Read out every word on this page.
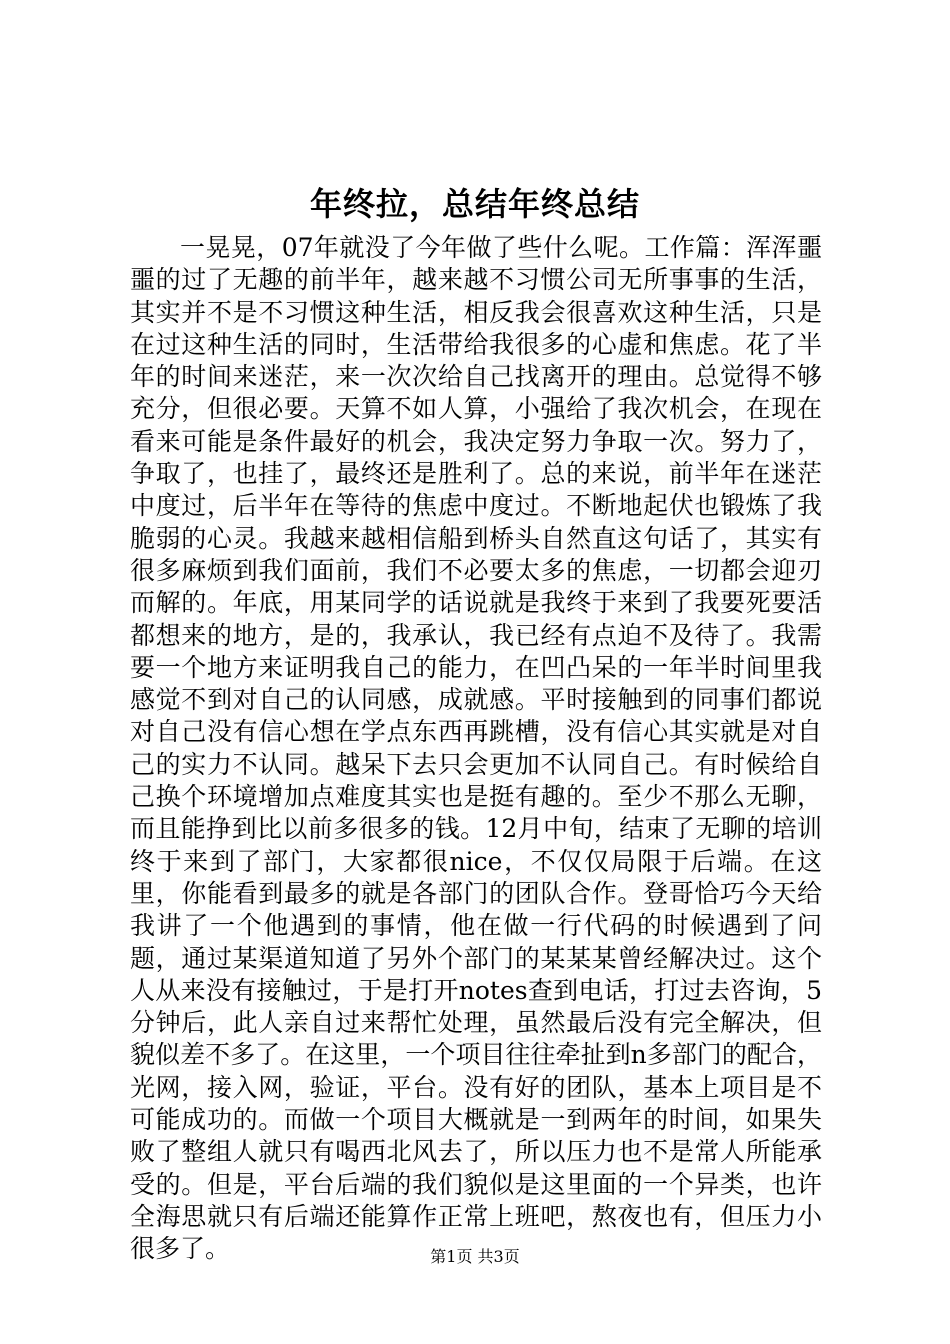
年终拉，总结年终总结

一晃晃，07年就没了今年做了些什么呢。工作篇：浑浑噩噩的过了无趣的前半年，越来越不习惯公司无所事事的生活，其实并不是不习惯这种生活，相反我会很喜欢这种生活，只是在过这种生活的同时，生活带给我很多的心虚和焦虑。花了半年的时间来迷茫，来一次次给自己找离开的理由。总觉得不够充分，但很必要。天算不如人算，小强给了我次机会，在现在看来可能是条件最好的机会，我决定努力争取一次。努力了，争取了，也挂了，最终还是胜利了。总的来说，前半年在迷茫中度过，后半年在等待的焦虑中度过。不断地起伏也锻炼了我脆弱的心灵。我越来越相信船到桥头自然直这句话了，其实有很多麻烦到我们面前，我们不必要太多的焦虑，一切都会迎刃而解的。年底，用某同学的话说就是我终于来到了我要死要活都想来的地方，是的，我承认，我已经有点迫不及待了。我需要一个地方来证明我自己的能力，在凹凸呆的一年半时间里我感觉不到对自己的认同感，成就感。平时接触到的同事们都说对自己没有信心想在学点东西再跳槽，没有信心其实就是对自己的实力不认同。越呆下去只会更加不认同自己。有时候给自己换个环境增加点难度其实也是挺有趣的。至少不那么无聊，而且能挣到比以前多很多的钱。12月中旬，结束了无聊的培训终于来到了部门，大家都很nice，不仅仅局限于后端。在这里，你能看到最多的就是各部门的团队合作。登哥恰巧今天给我讲了一个他遇到的事情，他在做一行代码的时候遇到了问题，通过某渠道知道了另外个部门的某某某曾经解决过。这个人从来没有接触过，于是打开notes查到电话，打过去咨询，5分钟后，此人亲自过来帮忙处理，虽然最后没有完全解决，但貌似差不多了。在这里，一个项目往往牵扯到n多部门的配合，光网，接入网，验证，平台。没有好的团队，基本上项目是不可能成功的。而做一个项目大概就是一到两年的时间，如果失败了整组人就只有喝西北风去了，所以压力也不是常人所能承受的。但是，平台后端的我们貌似是这里面的一个异类，也许全海思就只有后端还能算作正常上班吧，熬夜也有，但压力小很多了。	第1页 共3页
